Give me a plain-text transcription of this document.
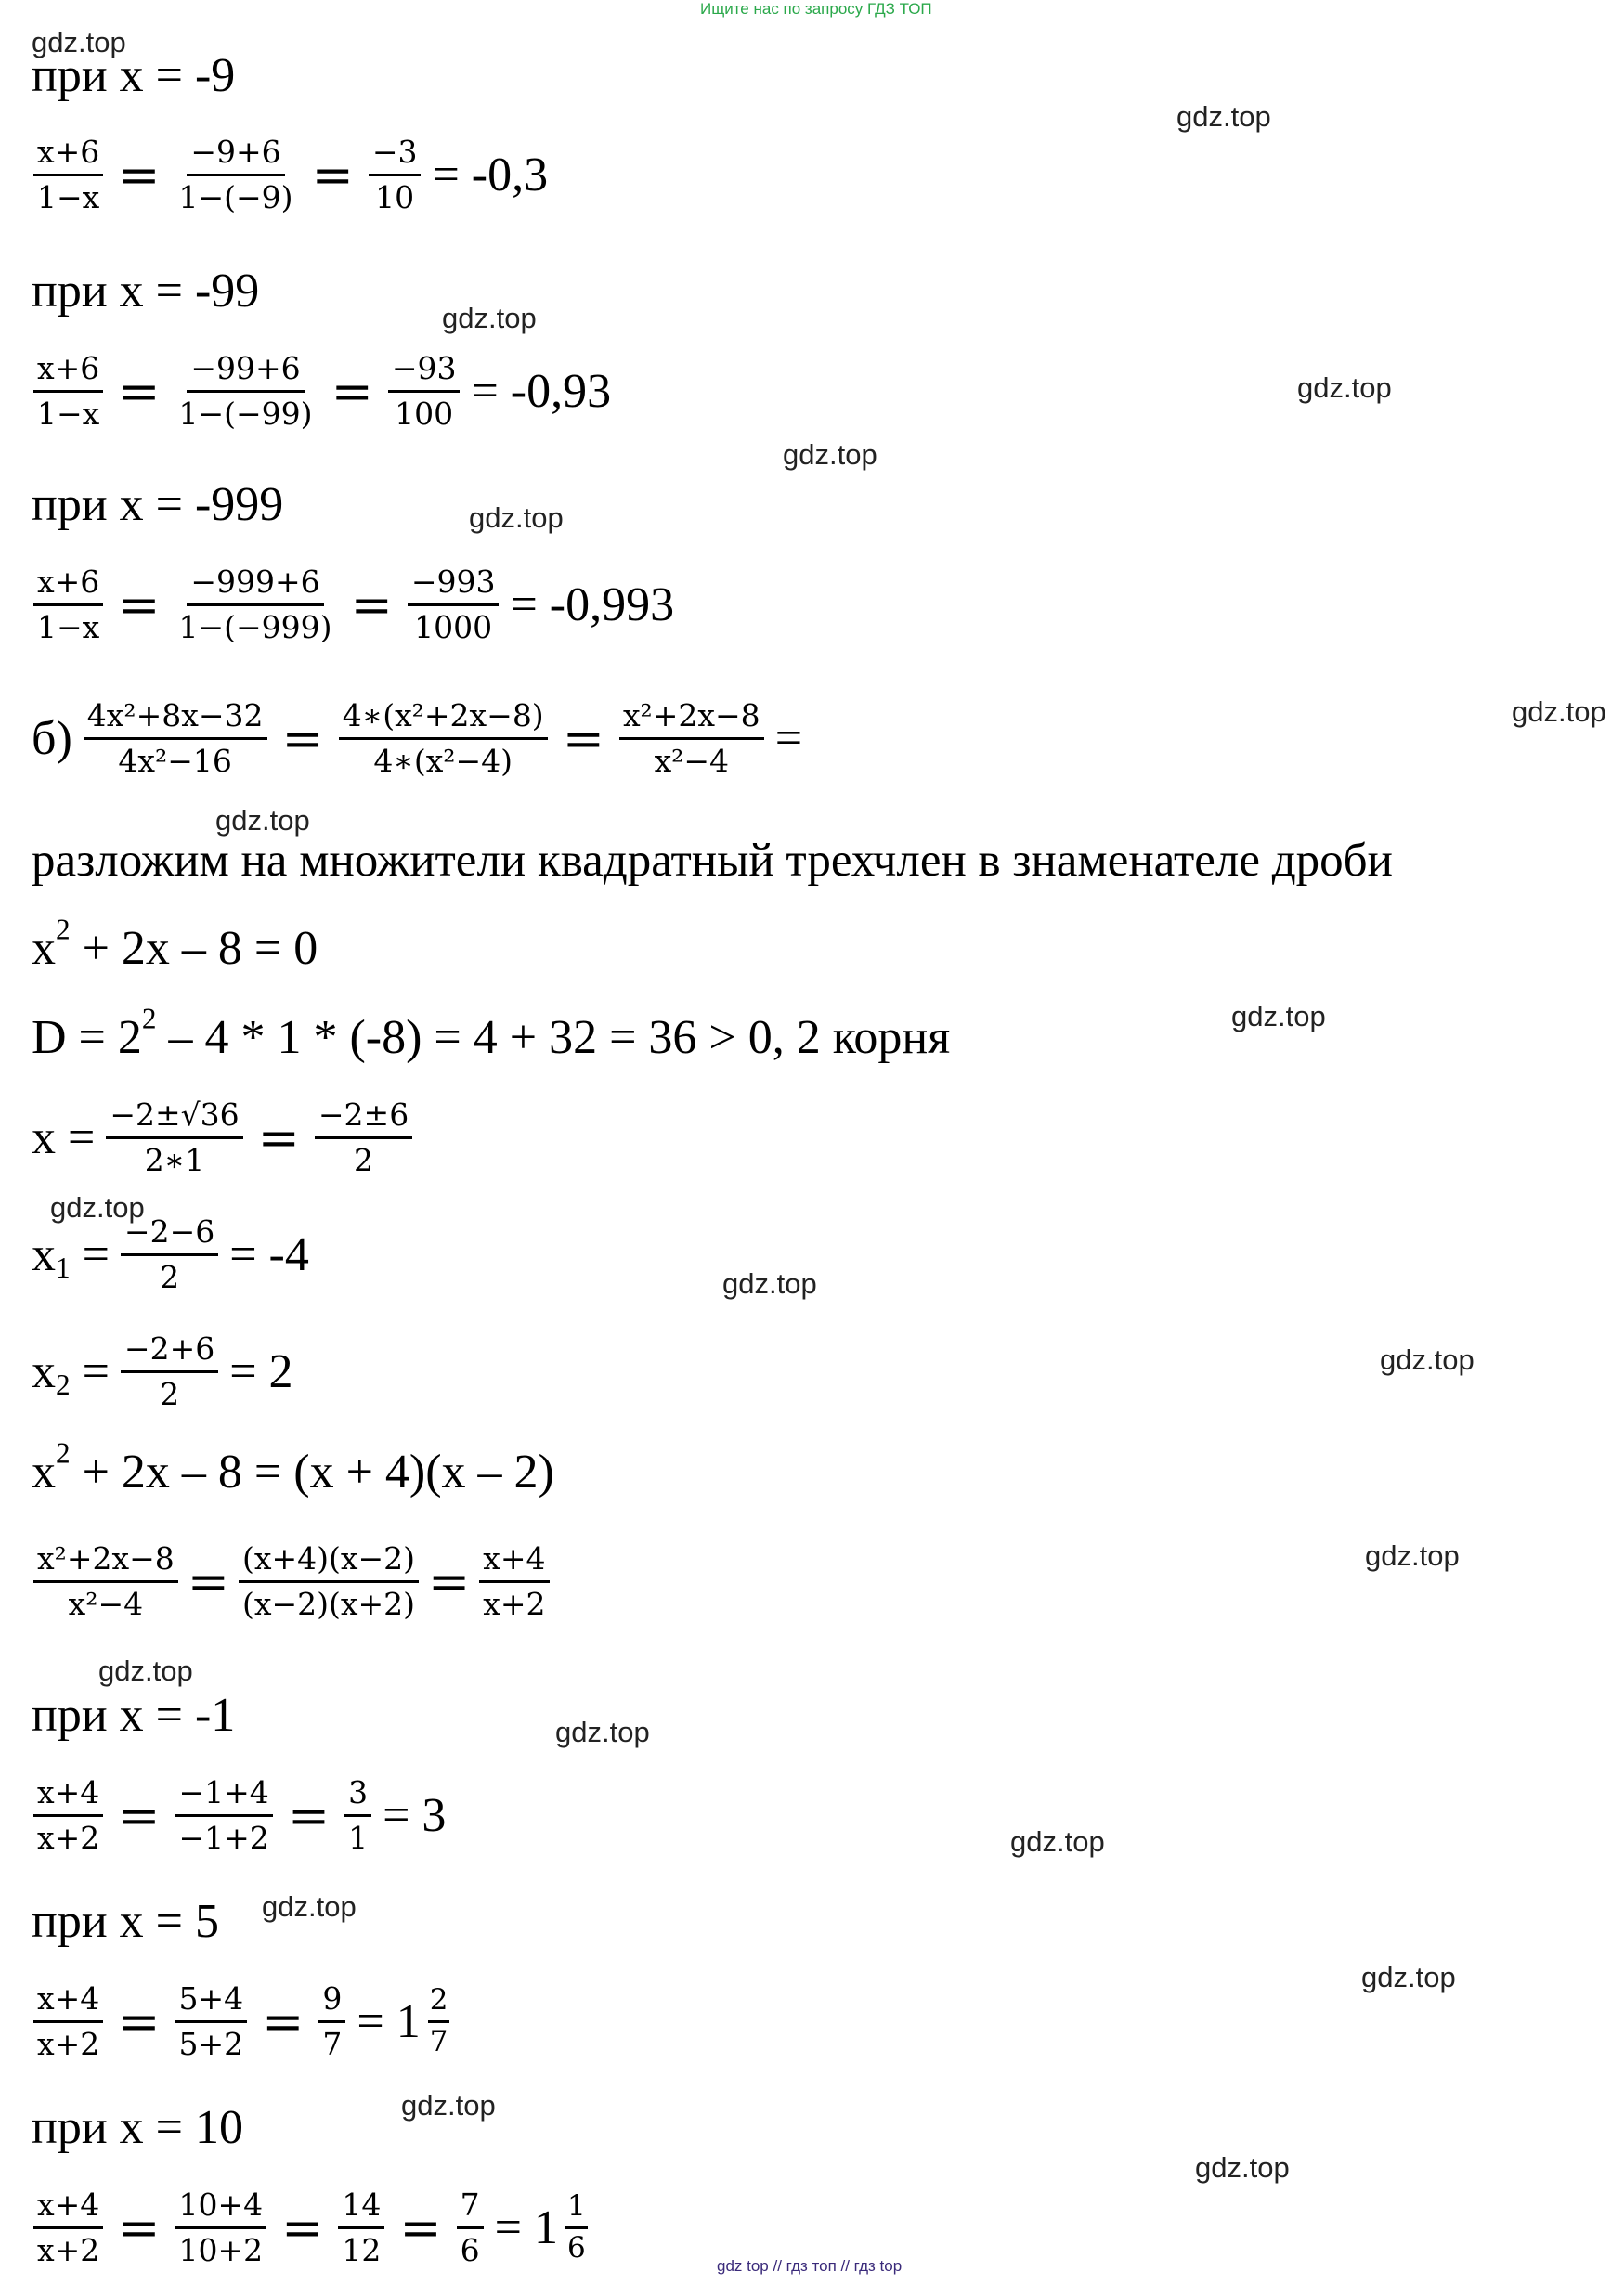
Ищите нас по запросу ГДЗ ТОП
gdz top // гдз топ // гдз top
gdz.top
gdz.top
gdz.top
gdz.top
gdz.top
gdz.top
gdz.top
gdz.top
gdz.top
gdz.top
gdz.top
gdz.top
gdz.top
gdz.top
gdz.top
gdz.top
gdz.top
gdz.top
gdz.top
gdz.top
при x = -9
$\frac{x+6}{1-x} = \frac{-9+6}{1-(-9)} = \frac{-3}{10} = -0,3$
при x = -99
$\frac{x+6}{1-x} = \frac{-99+6}{1-(-99)} = \frac{-93}{100} = -0,93$
при x = -999
$\frac{x+6}{1-x} = \frac{-999+6}{1-(-999)} = \frac{-993}{1000} = -0,993$
$б) \frac{\text{4x²+8x−32}}{\text{4x²−16}} = \frac{\text{4∗(x²+2x−8)}}{\text{4∗(x²−4)}} = \frac{\text{x²+2x−8}}{\text{x²−4}}$ =
разложим на множители квадратный трехчлен в знаменателе дроби
$x^2 + 2x - 8 = 0$
$D = 2^2 - 4 * 1 * (-8) = 4 + 32 = 36 > 0$, 2 корня
$x = \frac{-2\pm√36}{2∗1} = \frac{-2\pm 6}{2}$
$x_1 = \frac{-2-6}{2} = -4$
$x_2 = \frac{-2+6}{2} = 2$
$x^2 + 2x - 8 = (x + 4)(x - 2)$
$\frac{\text{x²+2x−8}}{\text{x²−4}} = \frac{(x+4)(x-2)}{(x-2)(x+2)} = \frac{x+4}{x+2}$
при x = -1
$\frac{x+4}{x+2} = \frac{-1+4}{-1+2} = \frac{3}{1} = 3$
при x = 5
$\frac{x+4}{x+2} = \frac{5+4}{5+2} = \frac{9}{7} = 1 \frac{2}{7}$
при x = 10
$\frac{x+4}{x+2} = \frac{10+4}{10+2} = \frac{14}{12} = \frac{7}{6} = 1 \frac{1}{6}$
